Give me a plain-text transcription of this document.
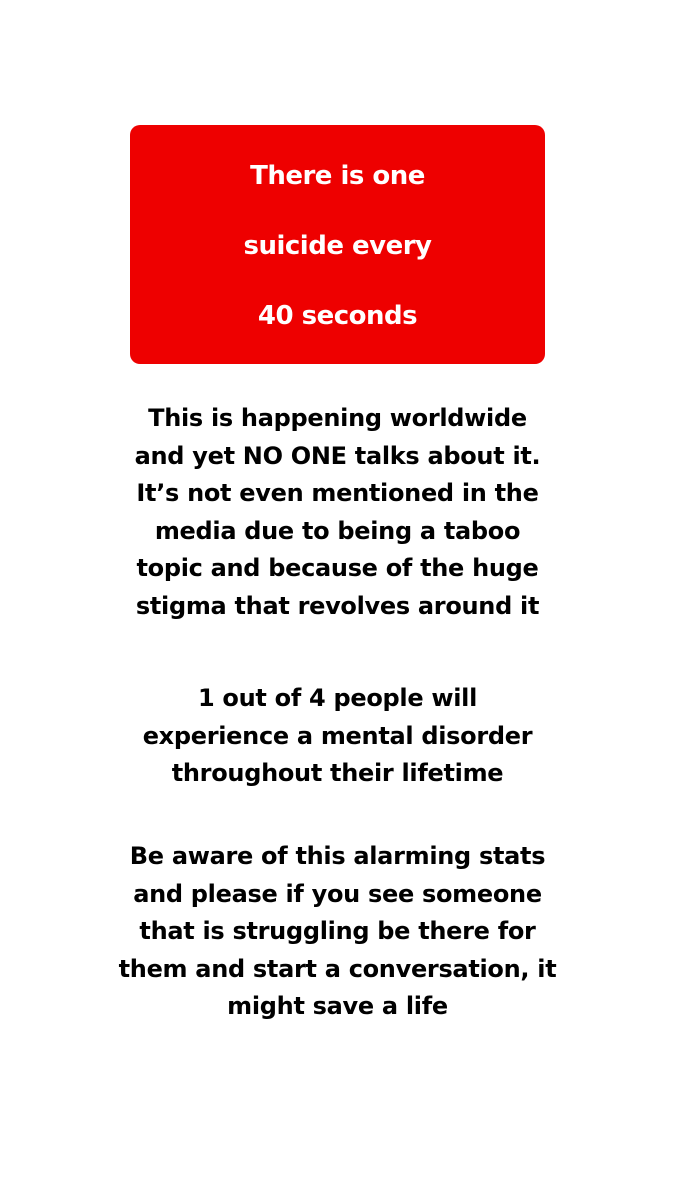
There is one
suicide every
40 seconds
This is happening worldwide
and yet NO ONE talks about it.
It’s not even mentioned in the
media due to being a taboo
topic and because of the huge
stigma that revolves around it
1 out of 4 people will
experience a mental disorder
throughout their lifetime
Be aware of this alarming stats
and please if you see someone
that is struggling be there for
them and start a conversation, it
might save a life
